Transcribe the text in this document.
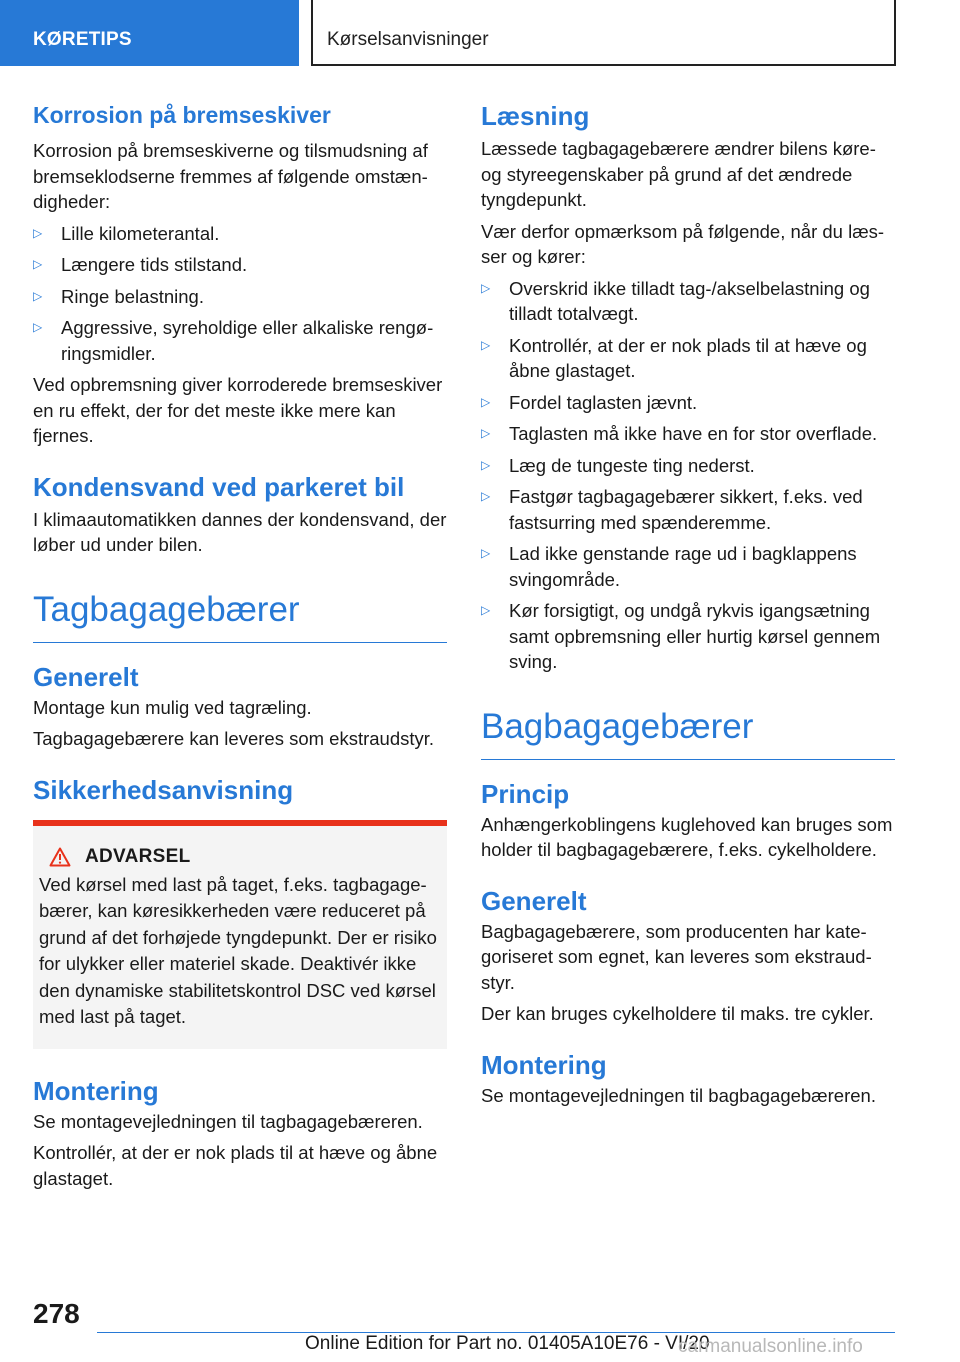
KØRETIPS	Kørselsanvisninger
Korrosion på bremseskiver

Korrosion på bremseskiverne og tilsmudsning af bremseklodserne fremmes af følgende omstændigheder:

▷ Lille kilometerantal.
▷ Længere tids stilstand.
▷ Ringe belastning.
▷ Aggressive, syreholdige eller alkaliske rengøringsmidler.

Ved opbremsning giver korroderede bremseskiver en ru effekt, der for det meste ikke mere kan fjernes.

Kondensvand ved parkeret bil

I klimaautomatikken dannes der kondensvand, der løber ud under bilen.

Tagbagagebærer
Generelt

Montage kun mulig ved tagræling.

Tagbagagebærere kan leveres som ekstraudstyr.

Sikkerhedsanvisning
ADVARSEL
Ved kørsel med last på taget, f.eks. tagbagagebærer, kan køresikkerheden være reduceret på grund af det forhøjede tyngdepunkt. Der er risiko for ulykker eller materiel skade. Deaktivér ikke den dynamiske stabilitetskontrol DSC ved kørsel med last på taget.
Montering

Se montagevejledningen til tagbagagebæreren.

Kontrollér, at der er nok plads til at hæve og åbne glastaget.

Læsning

Læssede tagbagagebærere ændrer bilens køre- og styreegenskaber på grund af det ændrede tyngdepunkt.

Vær derfor opmærksom på følgende, når du læsser og kører:

▷ Overskrid ikke tilladt tag-/akselbelastning og tilladt totalvægt.
▷ Kontrollér, at der er nok plads til at hæve og åbne glastaget.
▷ Fordel taglasten jævnt.
▷ Taglasten må ikke have en for stor overflade.
▷ Læg de tungeste ting nederst.
▷ Fastgør tagbagagebærer sikkert, f.eks. ved fastsurring med spænderemme.
▷ Lad ikke genstande rage ud i bagklappens svingområde.
▷ Kør forsigtigt, og undgå rykvis igangsætning samt opbremsning eller hurtig kørsel gennem sving.
Bagbagagebærer
Princip

Anhængerkoblingens kuglehoved kan bruges som holder til bagbagagebærere, f.eks. cykelholdere.

Generelt

Bagbagagebærere, som producenten har kategoriseret som egnet, kan leveres som ekstraudstyr.

Der kan bruges cykelholdere til maks. tre cykler.

Montering

Se montagevejledningen til bagbagagebæreren.

278
Online Edition for Part no. 01405A10E76 - VI/20
carmanualsonline.info
